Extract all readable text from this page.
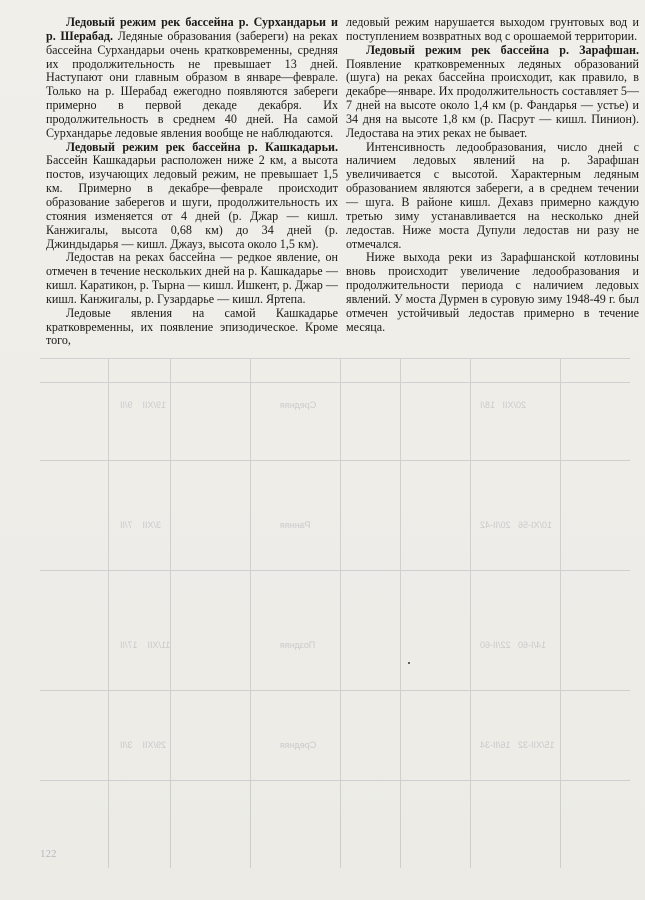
19/XII    9/II	Средняя	20/XII   18/I
3/XII    7/II	Ранняя	10/XI-56   20/II-42
11/XII    17/II	Поздняя	14/I-60   22/II-60
29/XII    3/II	Средняя	15/XII-32   16/II-34

Ледовый режим рек бассейна р. Сурхандарьи и р. Шерабад. Ледяные образования (забереги) на реках бассейна Сурхандарьи очень кратковременны, средняя их продолжительность не превышает 13 дней. Наступают они главным образом в январе—феврале. Только на р. Шерабад ежегодно появляются забереги примерно в первой декаде декабря. Их продолжительность в среднем 40 дней. На самой Сурхандарье ледовые явления вообще не наблюдаются.

Ледовый режим рек бассейна р. Кашкадарьи. Бассейн Кашкадарьи расположен ниже 2 км, а высота постов, изучающих ледовый режим, не превышает 1,5 км. Примерно в декабре—феврале происходит образование заберегов и шуги, продолжительность их стояния изменяется от 4 дней (р. Джар — кишл. Канжигалы, высота 0,68 км) до 34 дней (р. Джиндыдарья — кишл. Джауз, высота около 1,5 км).

Ледостав на реках бассейна — редкое явление, он отмечен в течение нескольких дней на р. Кашкадарье — кишл. Каратикон, р. Тырна — кишл. Ишкент, р. Джар — кишл. Канжигалы, р. Гузардарье — кишл. Яртепа.

Ледовые явления на самой Кашкадарье кратковременны, их появление эпизодическое. Кроме того,

ледовый режим нарушается выходом грунтовых вод и поступлением возвратных вод с орошаемой территории.

Ледовый режим рек бассейна р. Зарафшан. Появление кратковременных ледяных образований (шуга) на реках бассейна происходит, как правило, в декабре—январе. Их продолжительность составляет 5—7 дней на высоте около 1,4 км (р. Фандарья — устье) и 34 дня на высоте 1,8 км (р. Пасрут — кишл. Пинион). Ледостава на этих реках не бывает.

Интенсивность ледообразования, число дней с наличием ледовых явлений на р. Зарафшан увеличивается с высотой. Характерным ледяным образованием являются забереги, а в среднем течении — шуга. В районе кишл. Дехавз примерно каждую третью зиму устанавливается на несколько дней ледостав. Ниже моста Дупули ледостав ни разу не отмечался.

Ниже выхода реки из Зарафшанской котловины вновь происходит увеличение ледообразования и продолжительности периода с наличием ледовых явлений. У моста Дурмен в суровую зиму 1948-49 г. был отмечен устойчивый ледостав примерно в течение месяца.

122
